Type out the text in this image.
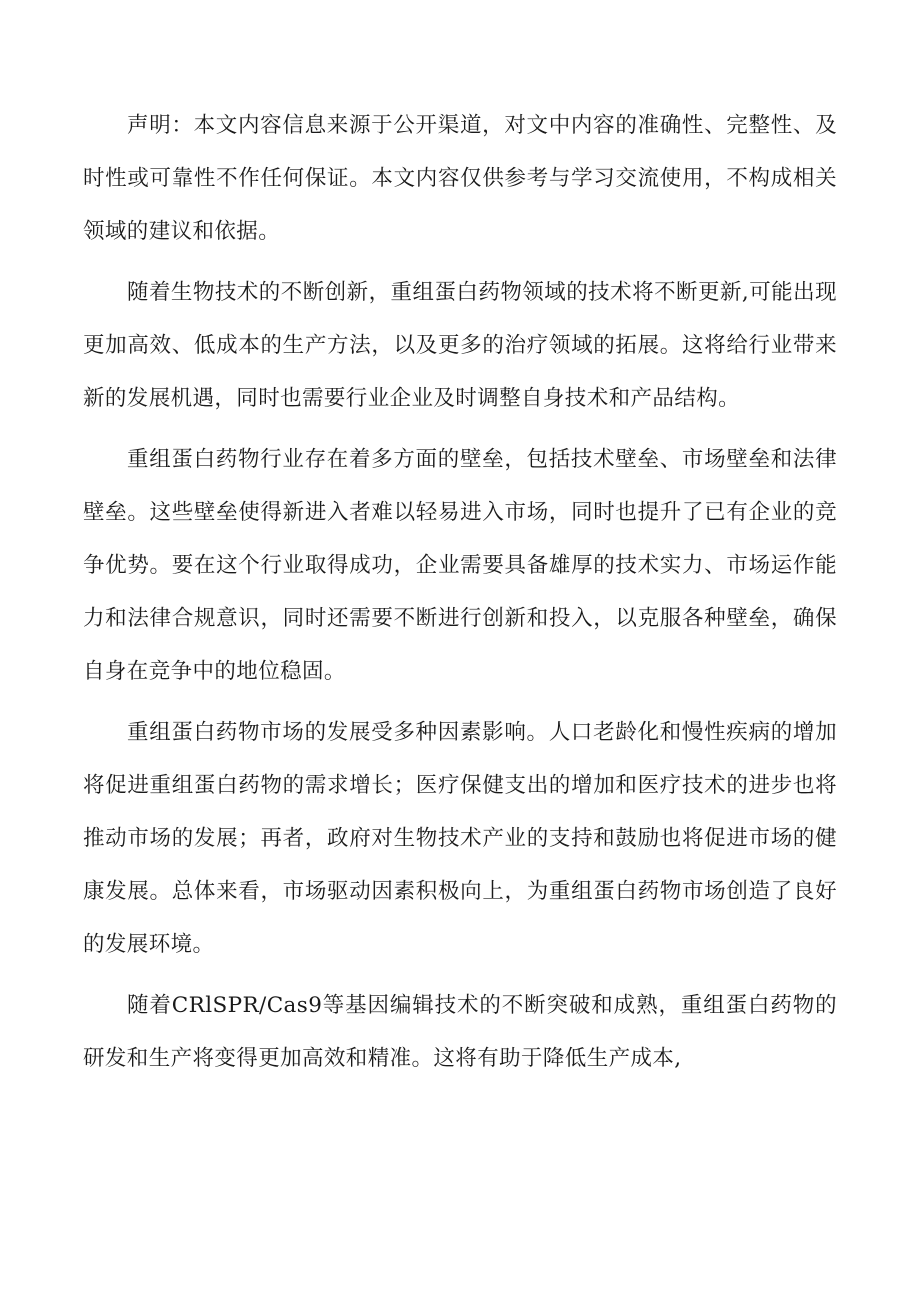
声明：本文内容信息来源于公开渠道，对文中内容的准确性、完整性、及时性或可靠性不作任何保证。本文内容仅供参考与学习交流使用，不构成相关领域的建议和依据。

随着生物技术的不断创新，重组蛋白药物领域的技术将不断更新,可能出现更加高效、低成本的生产方法，以及更多的治疗领域的拓展。这将给行业带来新的发展机遇，同时也需要行业企业及时调整自身技术和产品结构。

重组蛋白药物行业存在着多方面的壁垒，包括技术壁垒、市场壁垒和法律壁垒。这些壁垒使得新进入者难以轻易进入市场，同时也提升了已有企业的竞争优势。要在这个行业取得成功，企业需要具备雄厚的技术实力、市场运作能力和法律合规意识，同时还需要不断进行创新和投入，以克服各种壁垒，确保自身在竞争中的地位稳固。

重组蛋白药物市场的发展受多种因素影响。人口老龄化和慢性疾病的增加将促进重组蛋白药物的需求增长；医疗保健支出的增加和医疗技术的进步也将推动市场的发展；再者，政府对生物技术产业的支持和鼓励也将促进市场的健康发展。总体来看，市场驱动因素积极向上，为重组蛋白药物市场创造了良好的发展环境。

随着CRlSPR/Cas9等基因编辑技术的不断突破和成熟，重组蛋白药物的研发和生产将变得更加高效和精准。这将有助于降低生产成本,
